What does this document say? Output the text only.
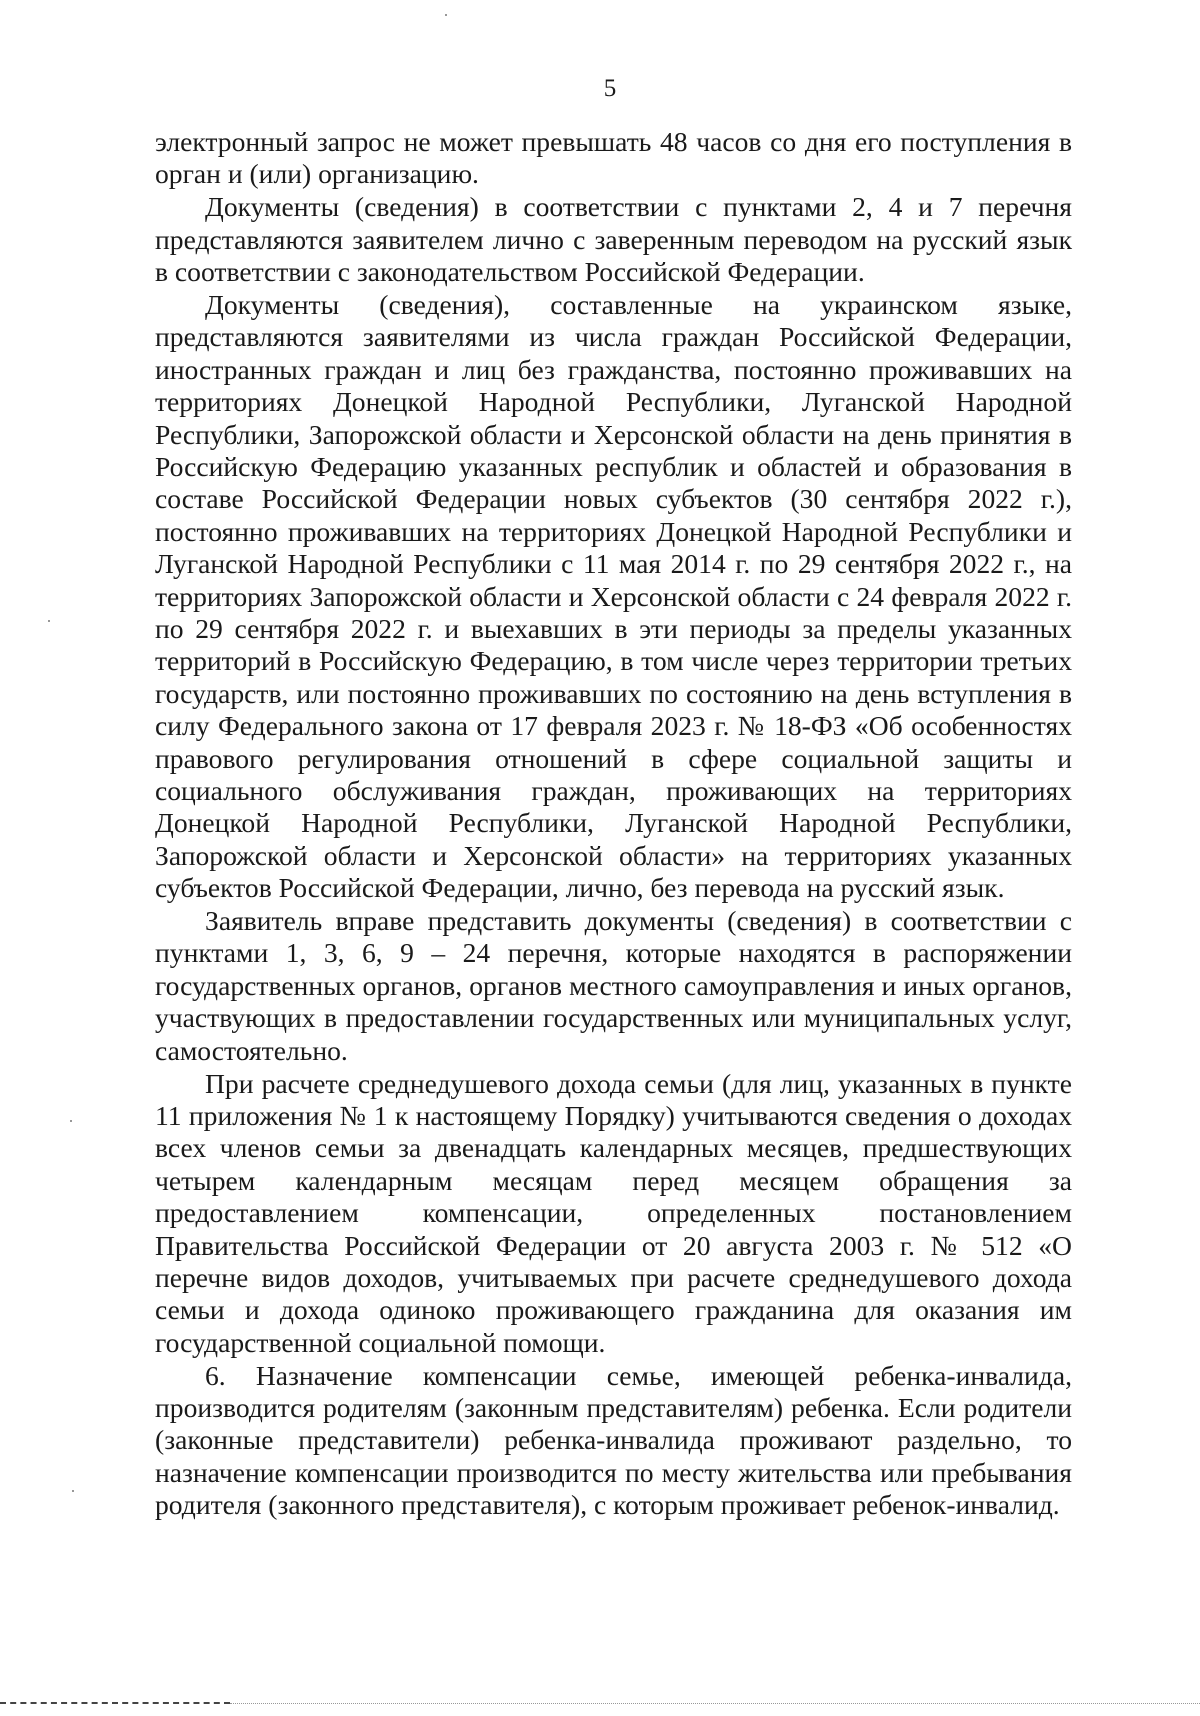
5

электронный запрос не может превышать 48 часов со дня его поступления в орган и (или) организацию.

Документы (сведения) в соответствии с пунктами 2, 4 и 7 перечня представляются заявителем лично с заверенным переводом на русский язык в соответствии с законодательством Российской Федерации.

Документы (сведения), составленные на украинском языке, представляются заявителями из числа граждан Российской Федерации, иностранных граждан и лиц без гражданства, постоянно проживавших на территориях Донецкой Народной Республики, Луганской Народной Республики, Запорожской области и Херсонской области на день принятия в Российскую Федерацию указанных республик и областей и образования в составе Российской Федерации новых субъектов (30 сентября 2022 г.), постоянно проживавших на территориях Донецкой Народной Республики и Луганской Народной Республики с 11 мая 2014 г. по 29 сентября 2022 г., на территориях Запорожской области и Херсонской области с 24 февраля 2022 г. по 29 сентября 2022 г. и выехавших в эти периоды за пределы указанных территорий в Российскую Федерацию, в том числе через территории третьих государств, или постоянно проживавших по состоянию на день вступления в силу Федерального закона от 17 февраля 2023 г. № 18-ФЗ «Об особенностях правового регулирования отношений в сфере социальной защиты и социального обслуживания граждан, проживающих на территориях Донецкой Народной Республики, Луганской Народной Республики, Запорожской области и Херсонской области» на территориях указанных субъектов Российской Федерации, лично, без перевода на русский язык.

Заявитель вправе представить документы (сведения) в соответствии с пунктами 1, 3, 6, 9 – 24 перечня, которые находятся в распоряжении государственных органов, органов местного самоуправления и иных органов, участвующих в предоставлении государственных или муниципальных услуг, самостоятельно.

При расчете среднедушевого дохода семьи (для лиц, указанных в пункте 11 приложения № 1 к настоящему Порядку) учитываются сведения о доходах всех членов семьи за двенадцать календарных месяцев, предшествующих четырем календарным месяцам перед месяцем обращения за предоставлением компенсации, определенных постановлением Правительства Российской Федерации от 20 августа 2003 г. № 512 «О перечне видов доходов, учитываемых при расчете среднедушевого дохода семьи и дохода одиноко проживающего гражданина для оказания им государственной социальной помощи.

6. Назначение компенсации семье, имеющей ребенка-инвалида, производится родителям (законным представителям) ребенка. Если родители (законные представители) ребенка-инвалида проживают раздельно, то назначение компенсации производится по месту жительства или пребывания родителя (законного представителя), с которым проживает ребенок-инвалид.
